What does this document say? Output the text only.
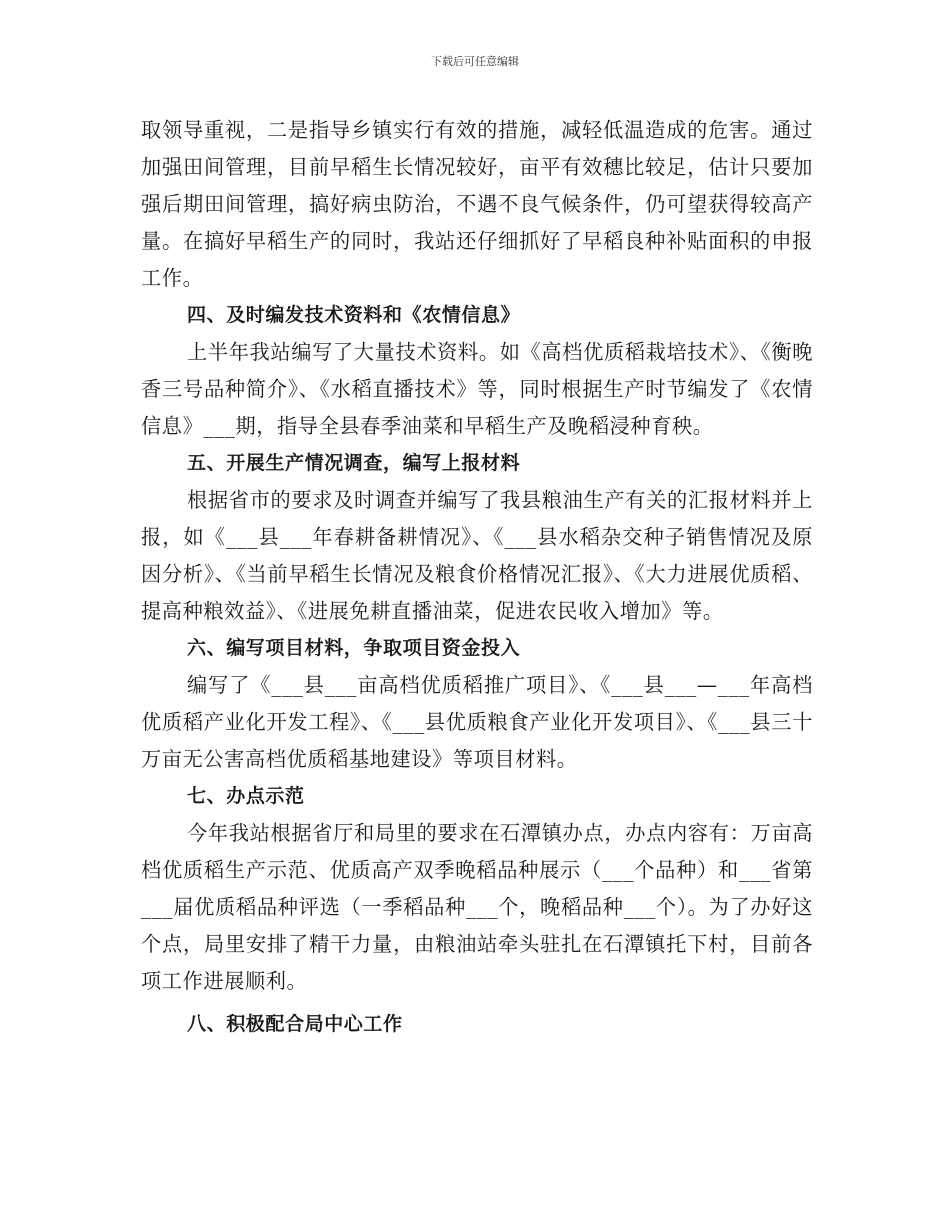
下载后可任意编辑

取领导重视，二是指导乡镇实行有效的措施，减轻低温造成的危害。通过加强田间管理，目前早稻生长情况较好，亩平有效穗比较足，估计只要加强后期田间管理，搞好病虫防治，不遇不良气候条件，仍可望获得较高产量。在搞好早稻生产的同时，我站还仔细抓好了早稻良种补贴面积的申报工作。

四、及时编发技术资料和《农情信息》

上半年我站编写了大量技术资料。如《高档优质稻栽培技术》、《衡晚香三号品种简介》、《水稻直播技术》等，同时根据生产时节编发了《农情信息》___期，指导全县春季油菜和早稻生产及晚稻浸种育秧。

五、开展生产情况调查，编写上报材料

根据省市的要求及时调查并编写了我县粮油生产有关的汇报材料并上报，如《___县___年春耕备耕情况》、《___县水稻杂交种子销售情况及原因分析》、《当前早稻生长情况及粮食价格情况汇报》、《大力进展优质稻、提高种粮效益》、《进展免耕直播油菜，促进农民收入增加》等。

六、编写项目材料，争取项目资金投入

编写了《___县___亩高档优质稻推广项目》、《___县___—___年高档优质稻产业化开发工程》、《___县优质粮食产业化开发项目》、《___县三十万亩无公害高档优质稻基地建设》等项目材料。

七、办点示范

今年我站根据省厅和局里的要求在石潭镇办点，办点内容有：万亩高档优质稻生产示范、优质高产双季晚稻品种展示（___个品种）和___省第___届优质稻品种评选（一季稻品种___个，晚稻品种___个）。为了办好这个点，局里安排了精干力量，由粮油站牵头驻扎在石潭镇托下村，目前各项工作进展顺利。

八、积极配合局中心工作
